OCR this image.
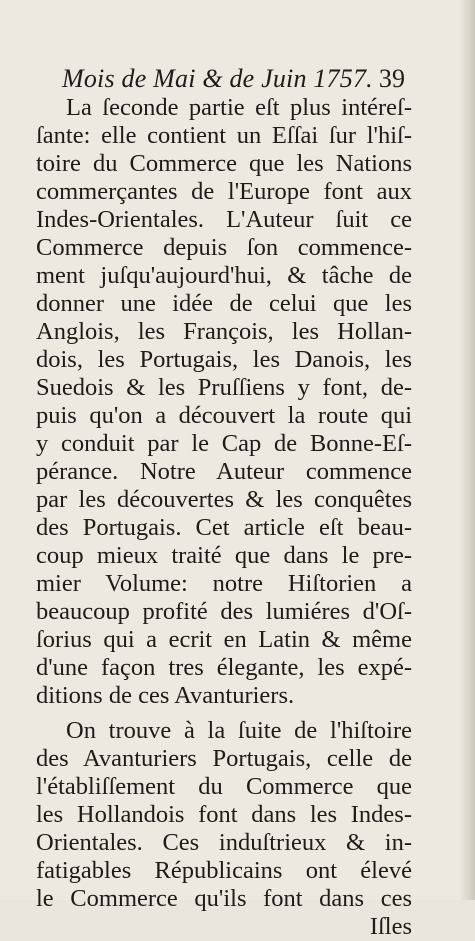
Mois de Mai & de Juin 1757. 39
La ſeconde partie eſt plus intéreſ-
ſante: elle contient un Eſſai ſur l'hiſ-
toire du Commerce que les Nations
commerçantes de l'Europe font aux
Indes-Orientales. L'Auteur ſuit ce
Commerce depuis ſon commence-
ment juſqu'aujourd'hui, & tâche de
donner une idée de celui que les
Anglois, les François, les Hollan-
dois, les Portugais, les Danois, les
Suedois & les Pruſſiens y font, de-
puis qu'on a découvert la route qui
y conduit par le Cap de Bonne-Eſ-
pérance. Notre Auteur commence
par les découvertes & les conquêtes
des Portugais. Cet article eſt beau-
coup mieux traité que dans le pre-
mier Volume: notre Hiſtorien a
beaucoup profité des lumiéres d'Oſ-
ſorius qui a ecrit en Latin & même
d'une façon tres élegante, les expé-
ditions de ces Avanturiers.
On trouve à la ſuite de l'hiſtoire
des Avanturiers Portugais, celle de
l'établiſſement du Commerce que
les Hollandois font dans les Indes-
Orientales. Ces induſtrieux & in-
fatigables Républicains ont élevé
le Commerce qu'ils font dans ces
Iſles
